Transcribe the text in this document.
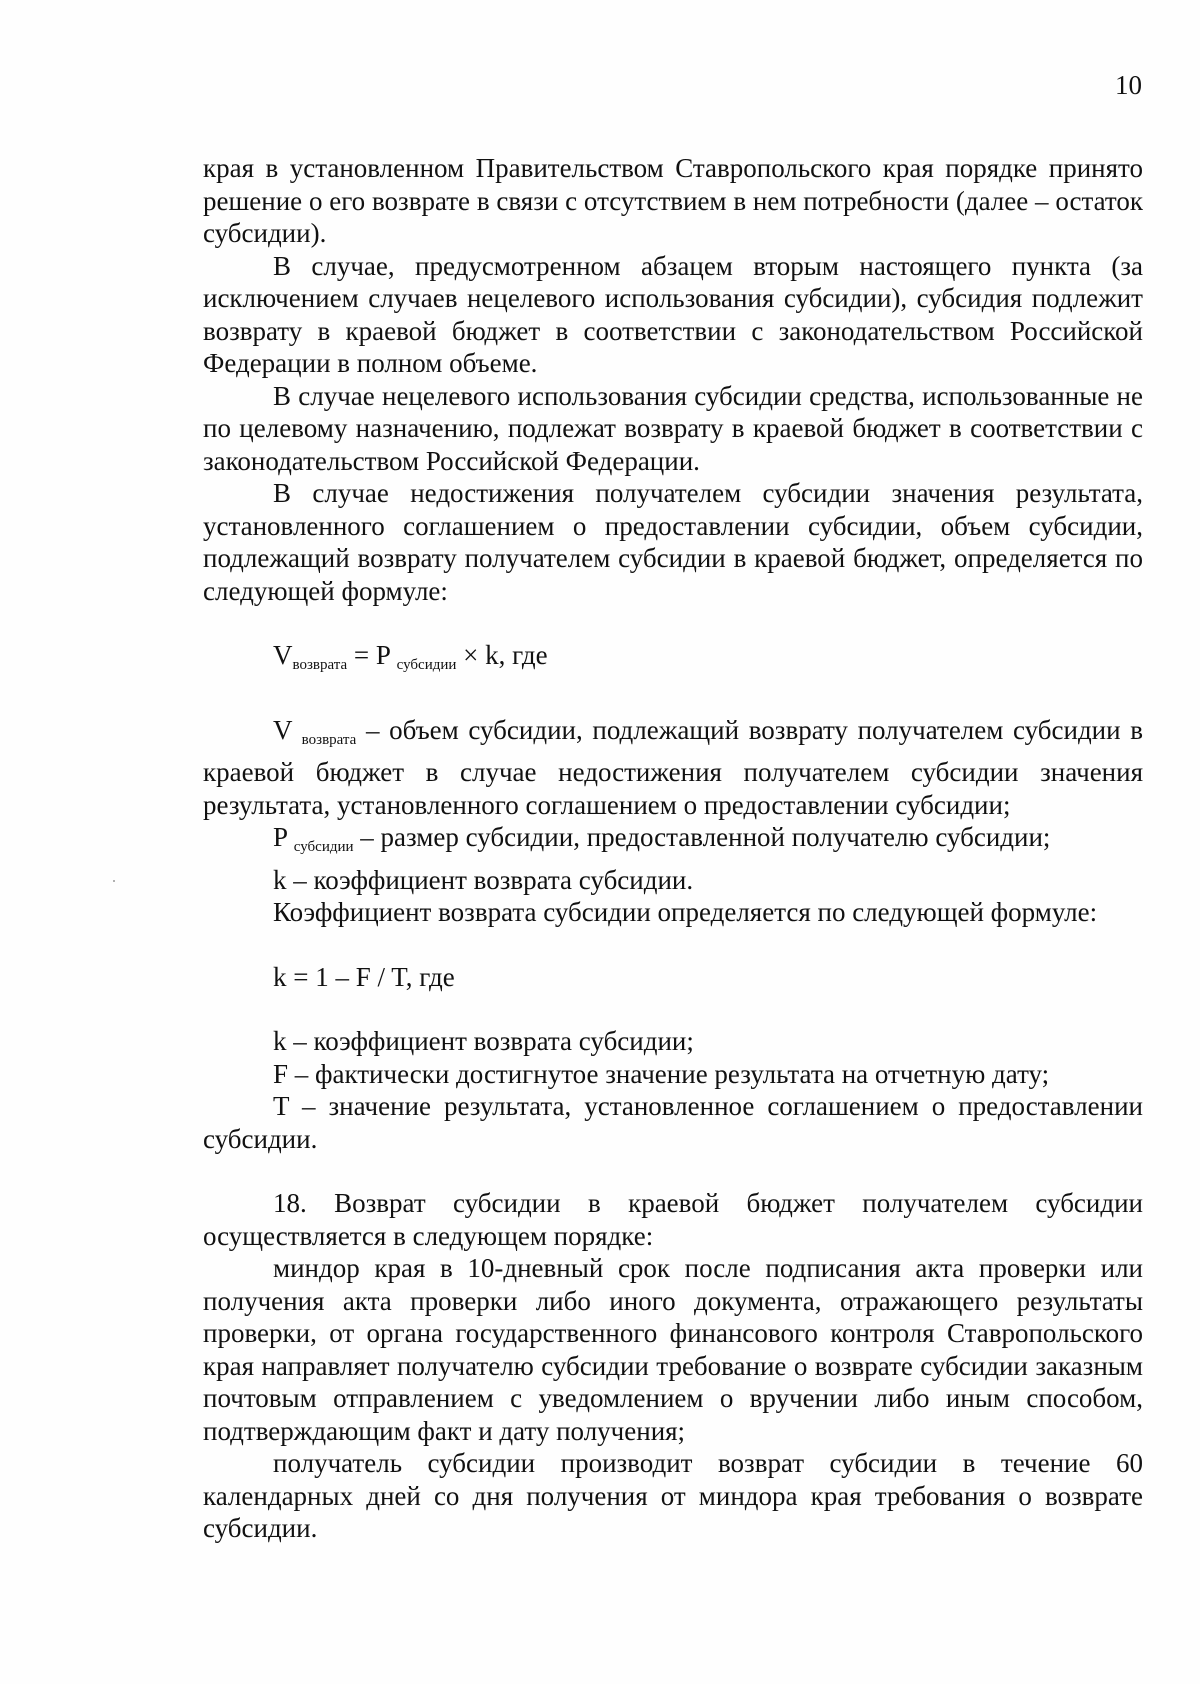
10

края в установленном Правительством Ставропольского края порядке принято решение о его возврате в связи с отсутствием в нем потребности (далее – остаток субсидии).

В случае, предусмотренном абзацем вторым настоящего пункта (за исключением случаев нецелевого использования субсидии), субсидия подлежит возврату в краевой бюджет в соответствии с законодательством Российской Федерации в полном объеме.

В случае нецелевого использования субсидии средства, использованные не по целевому назначению, подлежат возврату в краевой бюджет в соответствии с законодательством Российской Федерации.

В случае недостижения получателем субсидии значения результата, установленного соглашением о предоставлении субсидии, объем субсидии, подлежащий возврату получателем субсидии в краевой бюджет, определяется по следующей формуле:

$V_{возврата} = P$ $_{субсидии}$ × k, где

V $_{возврата}$ – объем субсидии, подлежащий возврату получателем субсидии в краевой бюджет в случае недостижения получателем субсидии значения результата, установленного соглашением о предоставлении субсидии;

P $_{субсидии}$ – размер субсидии, предоставленной получателю субсидии;

k – коэффициент возврата субсидии.

Коэффициент возврата субсидии определяется по следующей формуле:

k = 1 – F / T, где

k – коэффициент возврата субсидии;

F – фактически достигнутое значение результата на отчетную дату;

T – значение результата, установленное соглашением о предоставлении субсидии.

18. Возврат субсидии в краевой бюджет получателем субсидии осуществляется в следующем порядке:

миндор края в 10-дневный срок после подписания акта проверки или получения акта проверки либо иного документа, отражающего результаты проверки, от органа государственного финансового контроля Ставропольского края направляет получателю субсидии требование о возврате субсидии заказным почтовым отправлением с уведомлением о вручении либо иным способом, подтверждающим факт и дату получения;

получатель субсидии производит возврат субсидии в течение 60 календарных дней со дня получения от миндора края требования о возврате субсидии.
